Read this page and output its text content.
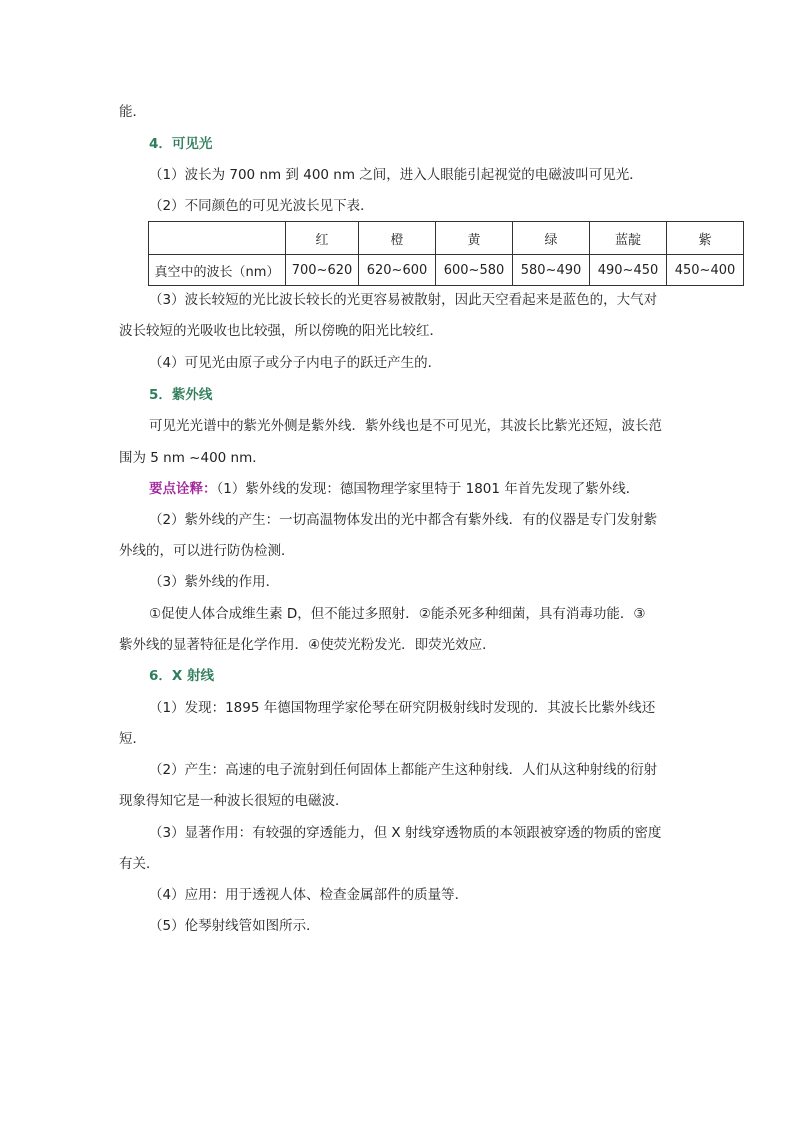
能．
4．可见光
（1）波长为 700 nm 到 400 nm 之间，进入人眼能引起视觉的电磁波叫可见光．
（2）不同颜色的可见光波长见下表．
	红	橙	黄	绿	蓝靛	紫
真空中的波长（nm）	700~620	620~600	600~580	580~490	490~450	450~400
（3）波长较短的光比波长较长的光更容易被散射，因此天空看起来是蓝色的，大气对
波长较短的光吸收也比较强，所以傍晚的阳光比较红．
（4）可见光由原子或分子内电子的跃迁产生的．
5．紫外线
可见光光谱中的紫光外侧是紫外线．紫外线也是不可见光，其波长比紫光还短，波长范
围为 5 nm ~400 nm．
要点诠释：（1）紫外线的发现：德国物理学家里特于 1801 年首先发现了紫外线．
（2）紫外线的产生：一切高温物体发出的光中都含有紫外线．有的仪器是专门发射紫
外线的，可以进行防伪检测．
（3）紫外线的作用．
①促使人体合成维生素 D，但不能过多照射．②能杀死多种细菌，具有消毒功能．③
紫外线的显著特征是化学作用．④使荧光粉发光．即荧光效应．
6．X 射线
（1）发现：1895 年德国物理学家伦琴在研究阴极射线时发现的．其波长比紫外线还
短．
（2）产生：高速的电子流射到任何固体上都能产生这种射线．人们从这种射线的衍射
现象得知它是一种波长很短的电磁波．
（3）显著作用：有较强的穿透能力，但 X 射线穿透物质的本领跟被穿透的物质的密度
有关．
（4）应用：用于透视人体、检查金属部件的质量等．
（5）伦琴射线管如图所示．
